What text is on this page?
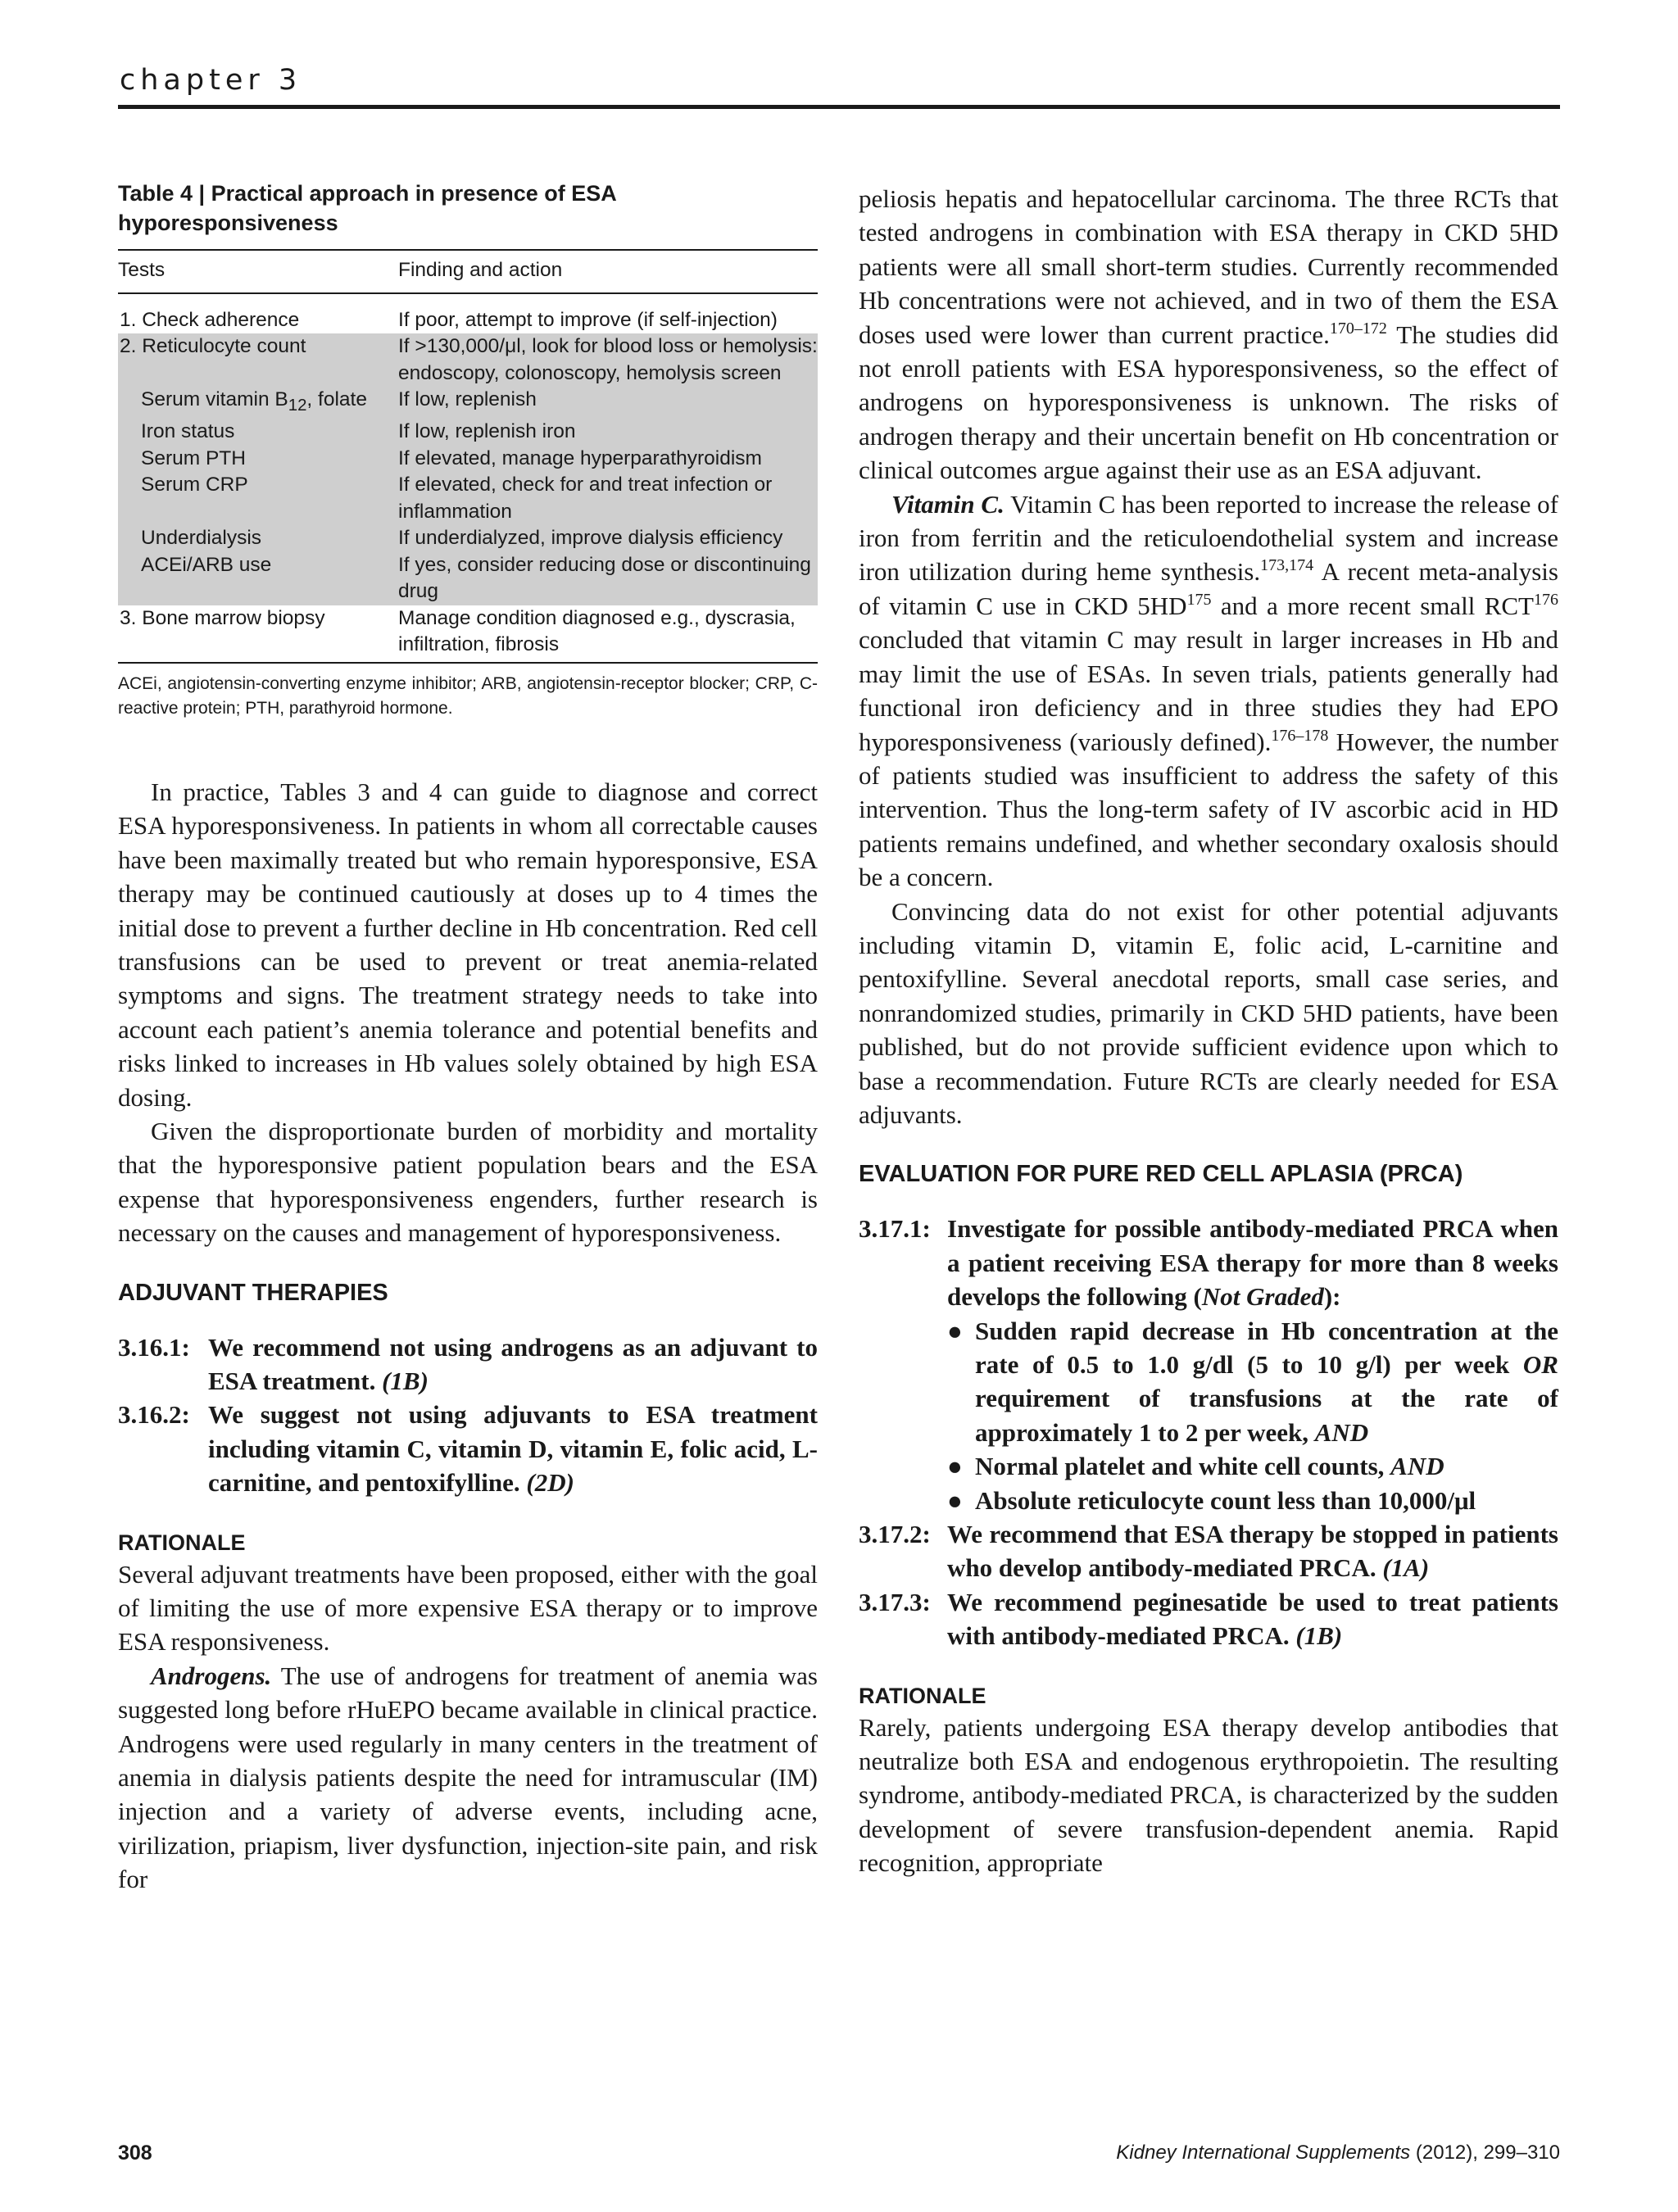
chapter 3

Table 4 | Practical approach in presence of ESA hyporesponsiveness

Tests	Finding and action
1. Check adherence	If poor, attempt to improve (if self-injection)
2. Reticulocyte count	If >130,000/μl, look for blood loss or hemolysis: endoscopy, colonoscopy, hemolysis screen
Serum vitamin $B_{12}$, folate	If low, replenish
Iron status	If low, replenish iron
Serum PTH	If elevated, manage hyperparathyroidism
Serum CRP	If elevated, check for and treat infection or inflammation
Underdialysis	If underdialyzed, improve dialysis efficiency
ACEi/ARB use	If yes, consider reducing dose or discontinuing drug
3. Bone marrow biopsy	Manage condition diagnosed e.g., dyscrasia, infiltration, fibrosis
ACEi, angiotensin-converting enzyme inhibitor; ARB, angiotensin-receptor blocker; CRP, C-reactive protein; PTH, parathyroid hormone.

In practice, Tables 3 and 4 can guide to diagnose and correct ESA hyporesponsiveness. In patients in whom all correctable causes have been maximally treated but who remain hyporesponsive, ESA therapy may be continued cautiously at doses up to 4 times the initial dose to prevent a further decline in Hb concentration. Red cell transfusions can be used to prevent or treat anemia-related symptoms and signs. The treatment strategy needs to take into account each patient’s anemia tolerance and potential benefits and risks linked to increases in Hb values solely obtained by high ESA dosing.

Given the disproportionate burden of morbidity and mortality that the hyporesponsive patient population bears and the ESA expense that hyporesponsiveness engenders, further research is necessary on the causes and management of hyporesponsiveness.

ADJUVANT THERAPIES

3.16.1: We recommend not using androgens as an adjuvant to ESA treatment. (1B)
3.16.2: We suggest not using adjuvants to ESA treatment including vitamin C, vitamin D, vitamin E, folic acid, L-carnitine, and pentoxifylline. (2D)

RATIONALE

Several adjuvant treatments have been proposed, either with the goal of limiting the use of more expensive ESA therapy or to improve ESA responsiveness.

Androgens. The use of androgens for treatment of anemia was suggested long before rHuEPO became available in clinical practice. Androgens were used regularly in many centers in the treatment of anemia in dialysis patients despite the need for intramuscular (IM) injection and a variety of adverse events, including acne, virilization, priapism, liver dysfunction, injection-site pain, and risk for

peliosis hepatis and hepatocellular carcinoma. The three RCTs that tested androgens in combination with ESA therapy in CKD 5HD patients were all small short-term studies. Currently recommended Hb concentrations were not achieved, and in two of them the ESA doses used were lower than current practice.$^{170-172}$ The studies did not enroll patients with ESA hyporesponsiveness, so the effect of androgens on hyporesponsiveness is unknown. The risks of androgen therapy and their uncertain benefit on Hb concentration or clinical outcomes argue against their use as an ESA adjuvant.

Vitamin C. Vitamin C has been reported to increase the release of iron from ferritin and the reticuloendothelial system and increase iron utilization during heme synthesis.$^{173,174}$ A recent meta-analysis of vitamin C use in CKD 5HD$^{175}$ and a more recent small RCT$^{176}$ concluded that vitamin C may result in larger increases in Hb and may limit the use of ESAs. In seven trials, patients generally had functional iron deficiency and in three studies they had EPO hyporesponsiveness (variously defined).$^{176-178}$ However, the number of patients studied was insufficient to address the safety of this intervention. Thus the long-term safety of IV ascorbic acid in HD patients remains undefined, and whether secondary oxalosis should be a concern.

Convincing data do not exist for other potential adjuvants including vitamin D, vitamin E, folic acid, L-carnitine and pentoxifylline. Several anecdotal reports, small case series, and nonrandomized studies, primarily in CKD 5HD patients, have been published, but do not provide sufficient evidence upon which to base a recommendation. Future RCTs are clearly needed for ESA adjuvants.

EVALUATION FOR PURE RED CELL APLASIA (PRCA)

3.17.1: Investigate for possible antibody-mediated PRCA when a patient receiving ESA therapy for more than 8 weeks develops the following (Not Graded):
● Sudden rapid decrease in Hb concentration at the rate of 0.5 to 1.0 g/dl (5 to 10 g/l) per week OR requirement of transfusions at the rate of approximately 1 to 2 per week, AND
● Normal platelet and white cell counts, AND
● Absolute reticulocyte count less than 10,000/μl
3.17.2: We recommend that ESA therapy be stopped in patients who develop antibody-mediated PRCA. (1A)
3.17.3: We recommend peginesatide be used to treat patients with antibody-mediated PRCA. (1B)

RATIONALE

Rarely, patients undergoing ESA therapy develop antibodies that neutralize both ESA and endogenous erythropoietin. The resulting syndrome, antibody-mediated PRCA, is characterized by the sudden development of severe transfusion-dependent anemia. Rapid recognition, appropriate

308	Kidney International Supplements (2012), 299–310
